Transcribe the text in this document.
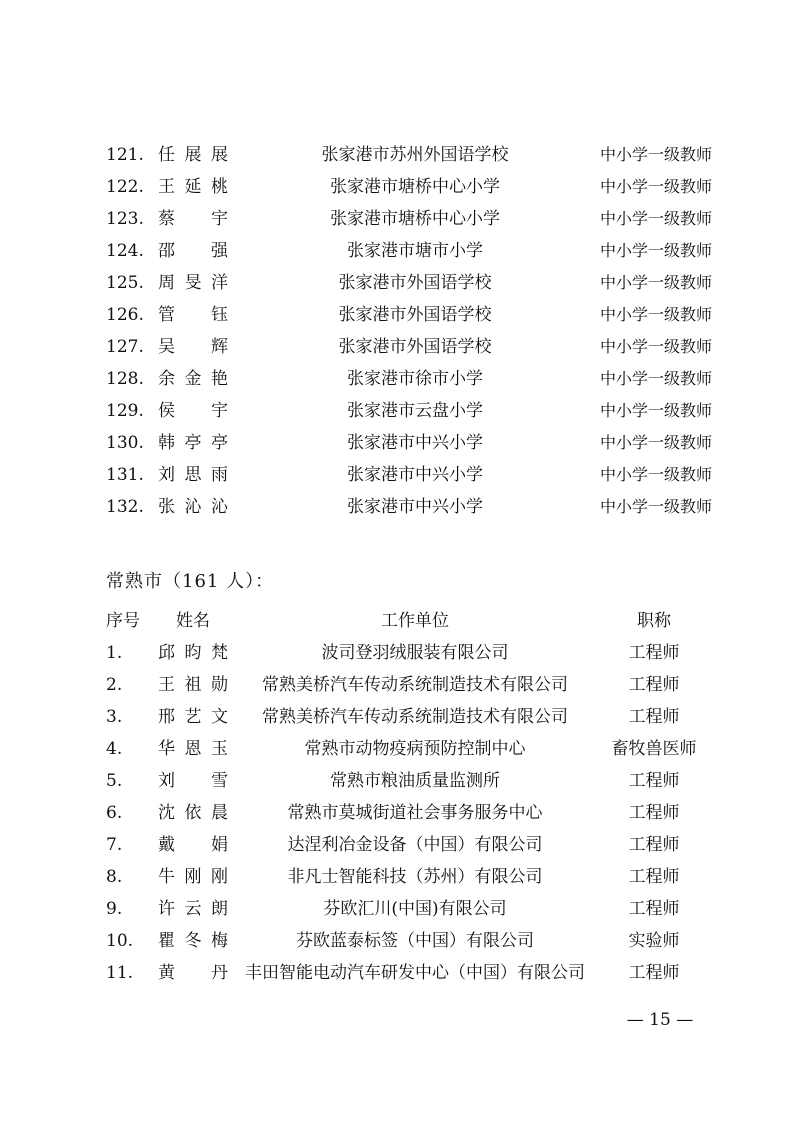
121. 任展展	张家港市苏州外国语学校	中小学一级教师
122. 王延桃	张家港市塘桥中心小学	中小学一级教师
123. 蔡宇	张家港市塘桥中心小学	中小学一级教师
124. 邵强	张家港市塘市小学	中小学一级教师
125. 周旻洋	张家港市外国语学校	中小学一级教师
126. 管钰	张家港市外国语学校	中小学一级教师
127. 吴辉	张家港市外国语学校	中小学一级教师
128. 余金艳	张家港市徐市小学	中小学一级教师
129. 侯宇	张家港市云盘小学	中小学一级教师
130. 韩亭亭	张家港市中兴小学	中小学一级教师
131. 刘思雨	张家港市中兴小学	中小学一级教师
132. 张沁沁	张家港市中兴小学	中小学一级教师
常熟市（161 人）：
序号 姓名	工作单位	职称
1. 邱昀梵	波司登羽绒服装有限公司	工程师
2. 王祖勋	常熟美桥汽车传动系统制造技术有限公司	工程师
3. 邢艺文	常熟美桥汽车传动系统制造技术有限公司	工程师
4. 华恩玉	常熟市动物疫病预防控制中心	畜牧兽医师
5. 刘雪	常熟市粮油质量监测所	工程师
6. 沈依晨	常熟市莫城街道社会事务服务中心	工程师
7. 戴娟	达涅利冶金设备（中国）有限公司	工程师
8. 牛刚刚	非凡士智能科技（苏州）有限公司	工程师
9. 许云朗	芬欧汇川(中国)有限公司	工程师
10. 瞿冬梅	芬欧蓝泰标签（中国）有限公司	实验师
11. 黄丹	丰田智能电动汽车研发中心（中国）有限公司	工程师
— 15 —
